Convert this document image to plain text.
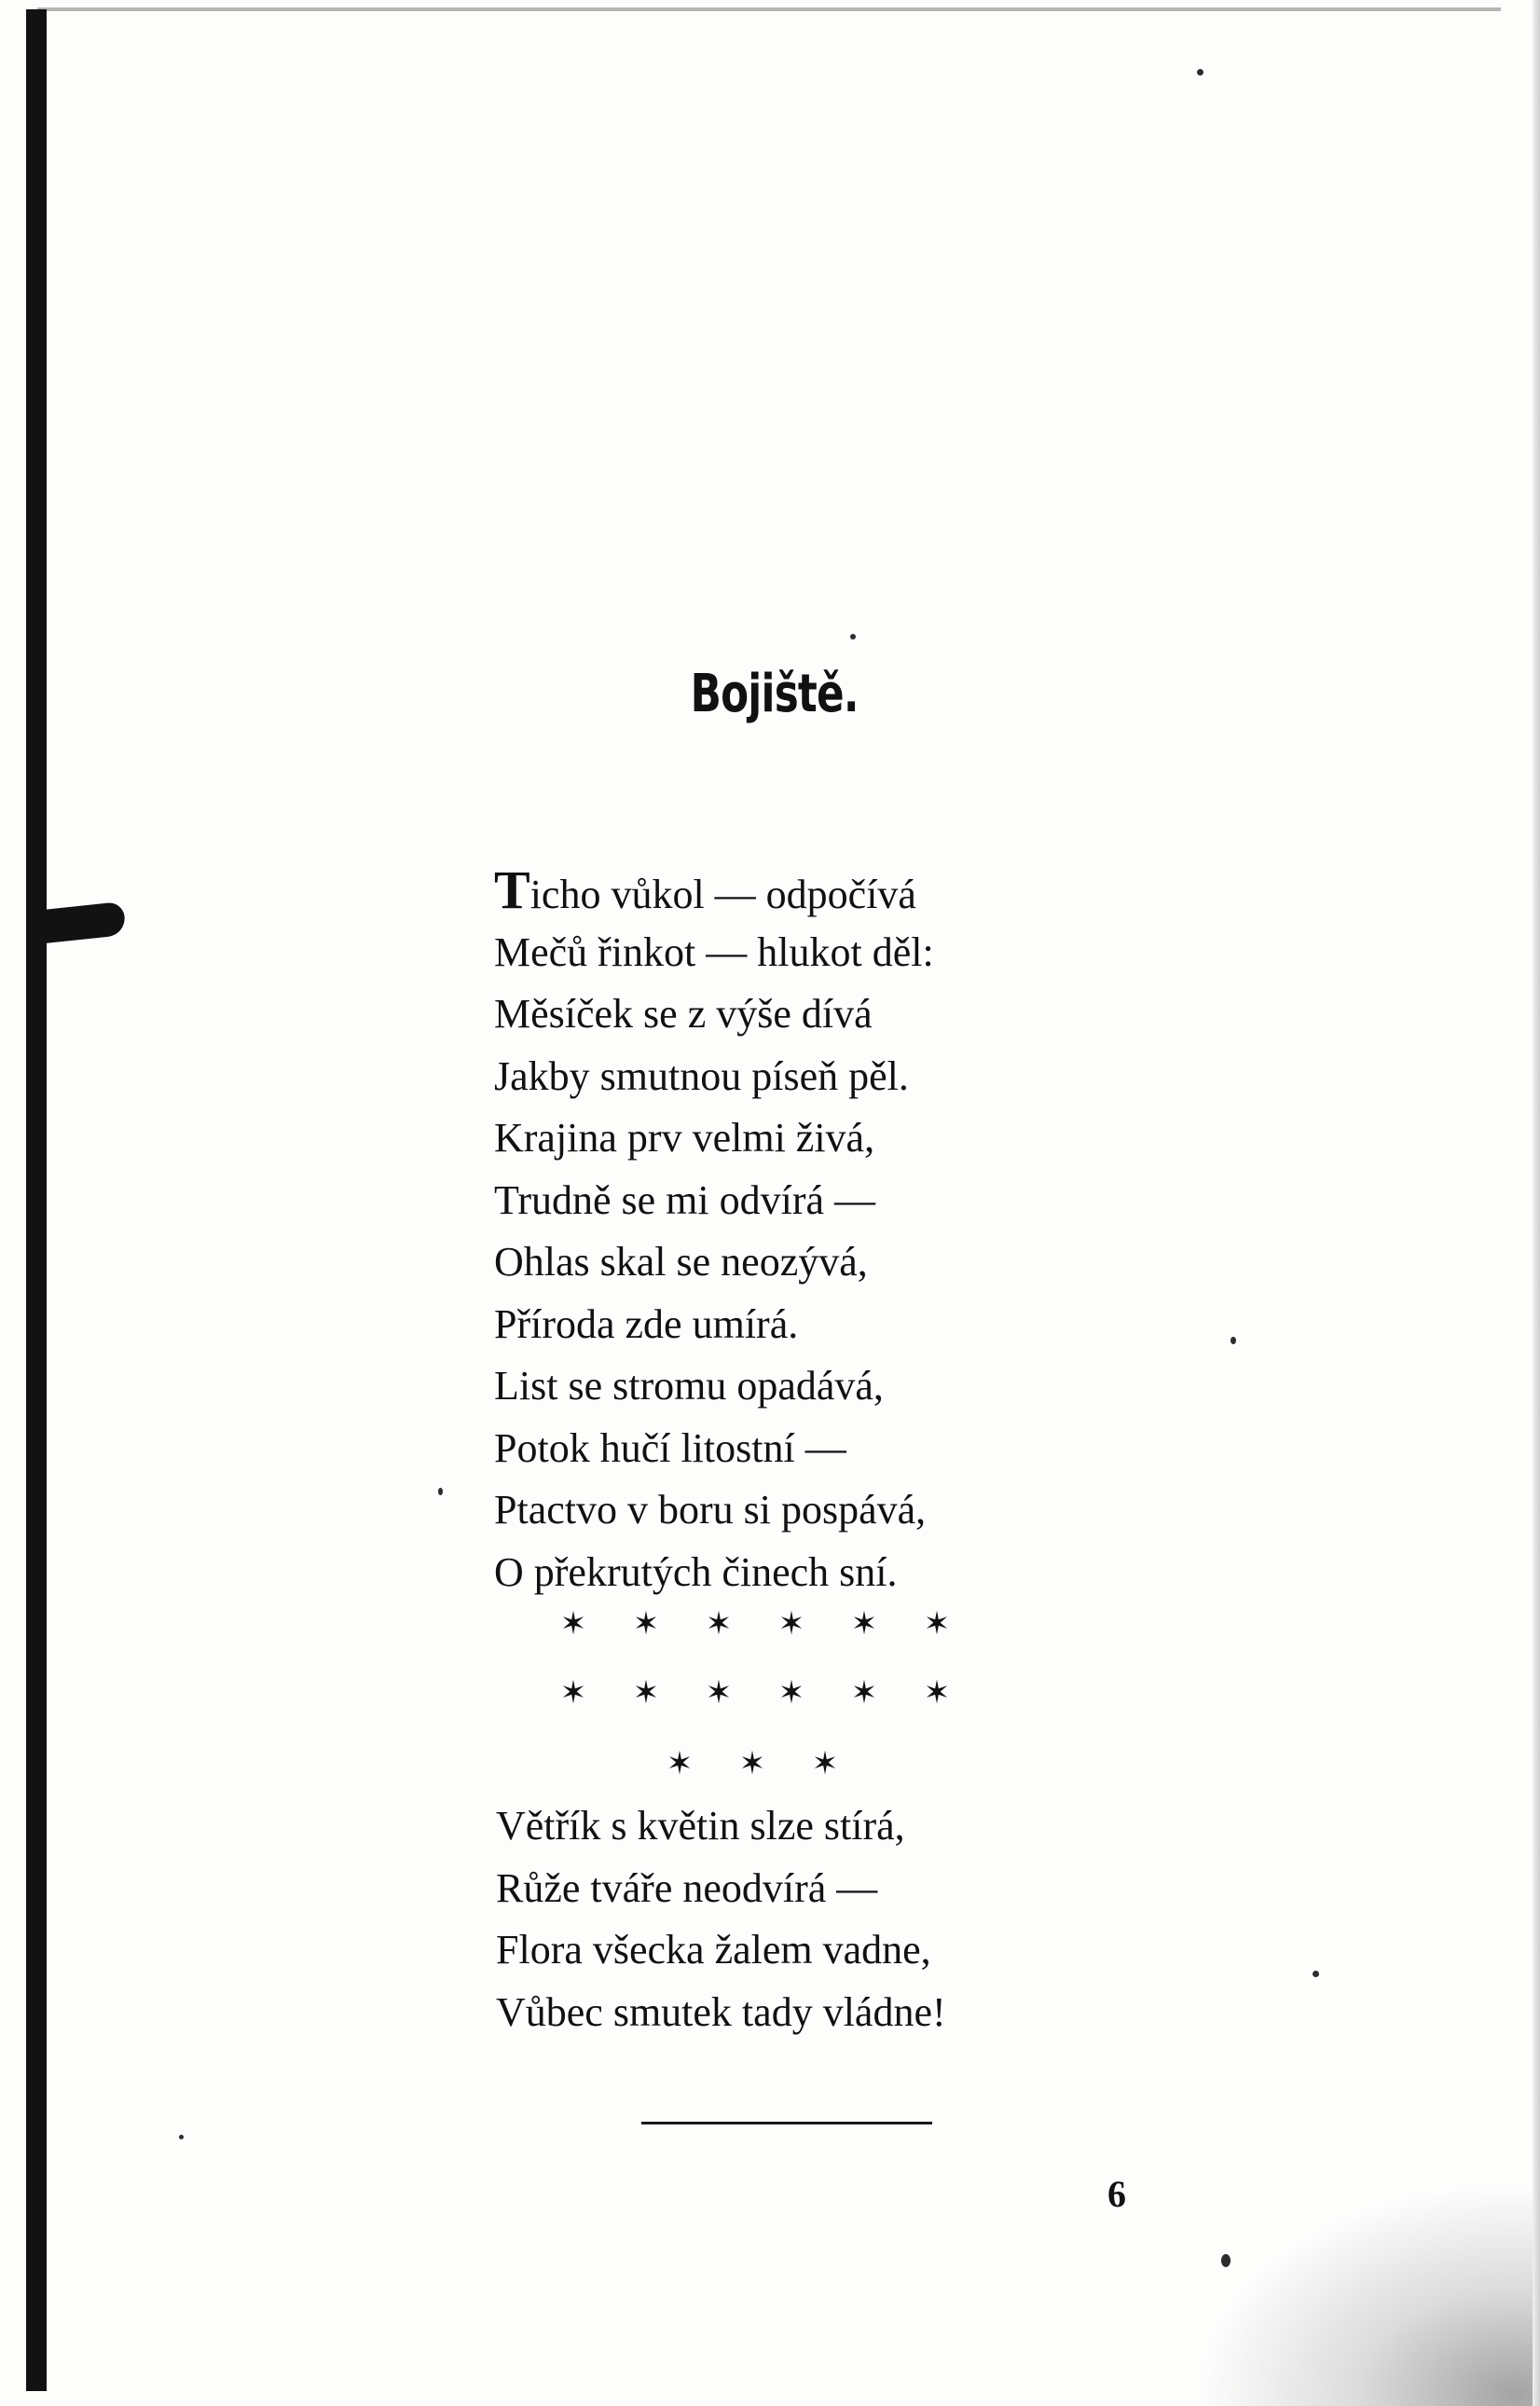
Bojiště.
Ticho vůkol — odpočívá
Mečů řinkot — hlukot děl:
Měsíček se z výše dívá
Jakby smutnou píseň pěl.
Krajina prv velmi živá,
Trudně se mi odvírá —
Ohlas skal se neozývá,
Příroda zde umírá.
List se stromu opadává,
Potok hučí litostní —
Ptactvo v boru si pospává,
O překrutých činech sní.
✶ ✶ ✶ ✶ ✶ ✶
✶ ✶ ✶ ✶ ✶ ✶
✶ ✶ ✶
Větřík s květin slze stírá,
Růže tváře neodvírá —
Flora všecka žalem vadne,
Vůbec smutek tady vládne!
6
